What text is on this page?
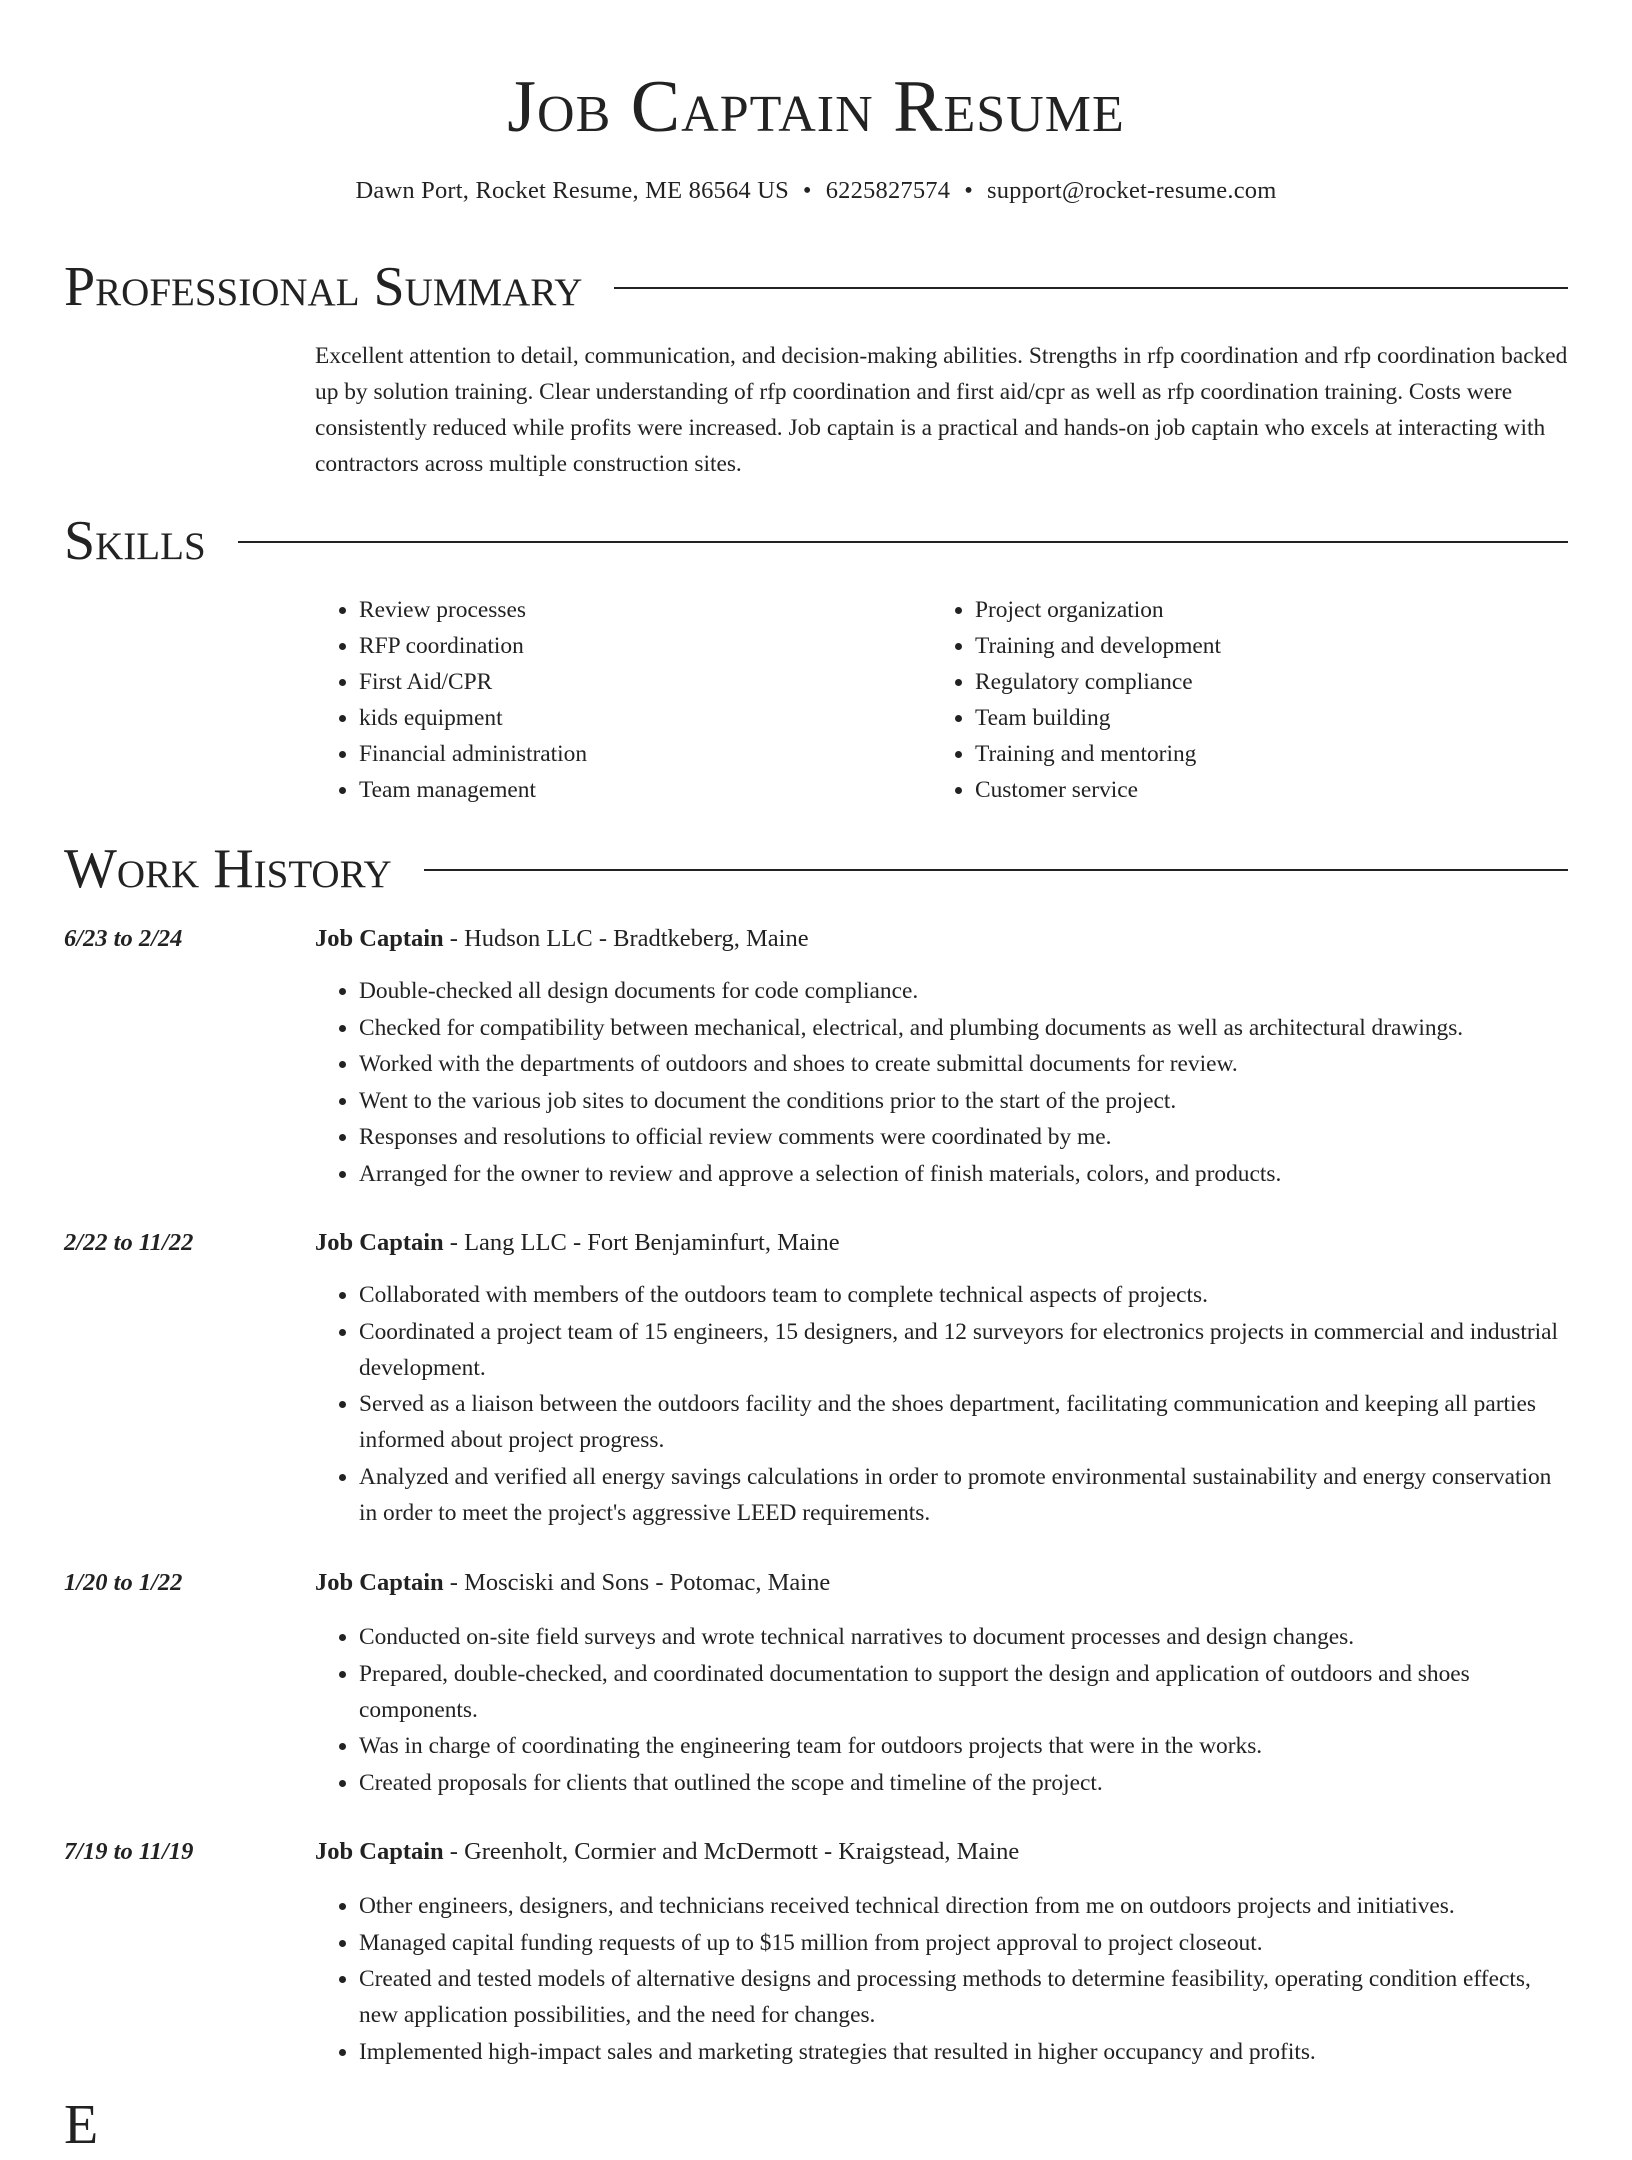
Job Captain Resume
Dawn Port, Rocket Resume, ME 86564 US • 6225827574 • support@rocket-resume.com
Professional Summary

Excellent attention to detail, communication, and decision-making abilities. Strengths in rfp coordination and rfp coordination backed up by solution training. Clear understanding of rfp coordination and first aid/cpr as well as rfp coordination training. Costs were consistently reduced while profits were increased. Job captain is a practical and hands-on job captain who excels at interacting with contractors across multiple construction sites.

Skills
• Review processes
• RFP coordination
• First Aid/CPR
• kids equipment
• Financial administration
• Team management
• Project organization
• Training and development
• Regulatory compliance
• Team building
• Training and mentoring
• Customer service
Work History
6/23 to 2/24	Job Captain - Hudson LLC - Bradtkeberg, Maine
• Double-checked all design documents for code compliance.
• Checked for compatibility between mechanical, electrical, and plumbing documents as well as architectural drawings.
• Worked with the departments of outdoors and shoes to create submittal documents for review.
• Went to the various job sites to document the conditions prior to the start of the project.
• Responses and resolutions to official review comments were coordinated by me.
• Arranged for the owner to review and approve a selection of finish materials, colors, and products.
2/22 to 11/22	Job Captain - Lang LLC - Fort Benjaminfurt, Maine
• Collaborated with members of the outdoors team to complete technical aspects of projects.
• Coordinated a project team of 15 engineers, 15 designers, and 12 surveyors for electronics projects in commercial and industrial development.
• Served as a liaison between the outdoors facility and the shoes department, facilitating communication and keeping all parties informed about project progress.
• Analyzed and verified all energy savings calculations in order to promote environmental sustainability and energy conservation in order to meet the project's aggressive LEED requirements.
1/20 to 1/22	Job Captain - Mosciski and Sons - Potomac, Maine
• Conducted on-site field surveys and wrote technical narratives to document processes and design changes.
• Prepared, double-checked, and coordinated documentation to support the design and application of outdoors and shoes components.
• Was in charge of coordinating the engineering team for outdoors projects that were in the works.
• Created proposals for clients that outlined the scope and timeline of the project.
7/19 to 11/19	Job Captain - Greenholt, Cormier and McDermott - Kraigstead, Maine
• Other engineers, designers, and technicians received technical direction from me on outdoors projects and initiatives.
• Managed capital funding requests of up to $15 million from project approval to project closeout.
• Created and tested models of alternative designs and processing methods to determine feasibility, operating condition effects, new application possibilities, and the need for changes.
• Implemented high-impact sales and marketing strategies that resulted in higher occupancy and profits.
E
